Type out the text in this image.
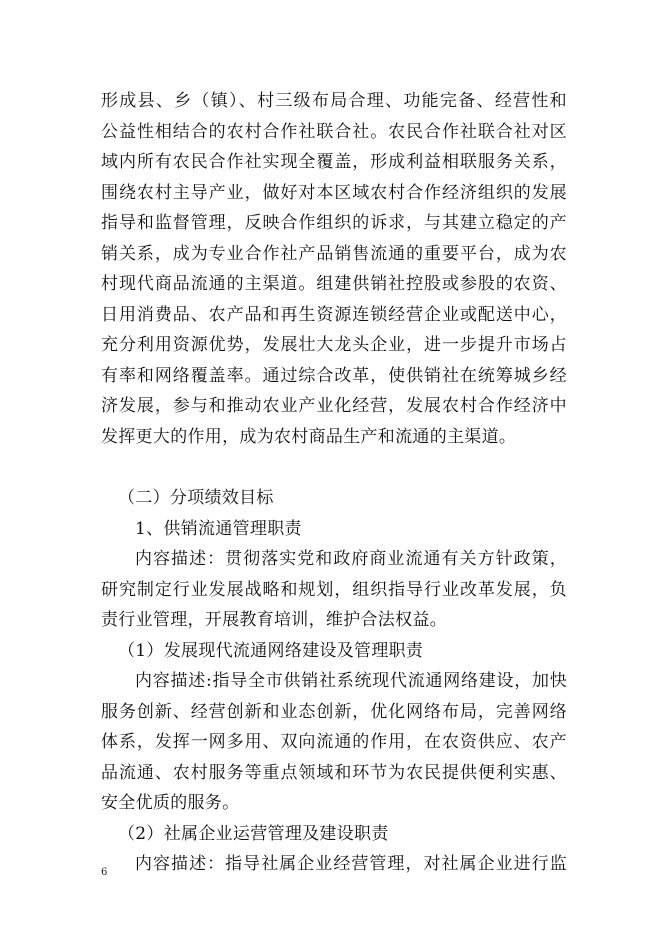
形成县、乡（镇）、村三级布局合理、功能完备、经营性和

公益性相结合的农村合作社联合社。农民合作社联合社对区

域内所有农民合作社实现全覆盖，形成利益相联服务关系，

围绕农村主导产业，做好对本区域农村合作经济组织的发展

指导和监督管理，反映合作组织的诉求，与其建立稳定的产

销关系，成为专业合作社产品销售流通的重要平台，成为农

村现代商品流通的主渠道。组建供销社控股或参股的农资、

日用消费品、农产品和再生资源连锁经营企业或配送中心，

充分利用资源优势，发展壮大龙头企业，进一步提升市场占

有率和网络覆盖率。通过综合改革，使供销社在统筹城乡经

济发展，参与和推动农业产业化经营，发展农村合作经济中

发挥更大的作用，成为农村商品生产和流通的主渠道。

（二）分项绩效目标

1、供销流通管理职责

内容描述：贯彻落实党和政府商业流通有关方针政策，

研究制定行业发展战略和规划，组织指导行业改革发展，负

责行业管理，开展教育培训，维护合法权益。

（1）发展现代流通网络建设及管理职责

内容描述:指导全市供销社系统现代流通网络建设，加快

服务创新、经营创新和业态创新，优化网络布局，完善网络

体系，发挥一网多用、双向流通的作用，在农资供应、农产

品流通、农村服务等重点领域和环节为农民提供便利实惠、

安全优质的服务。

（2）社属企业运营管理及建设职责

内容描述：指导社属企业经营管理，对社属企业进行监

6
